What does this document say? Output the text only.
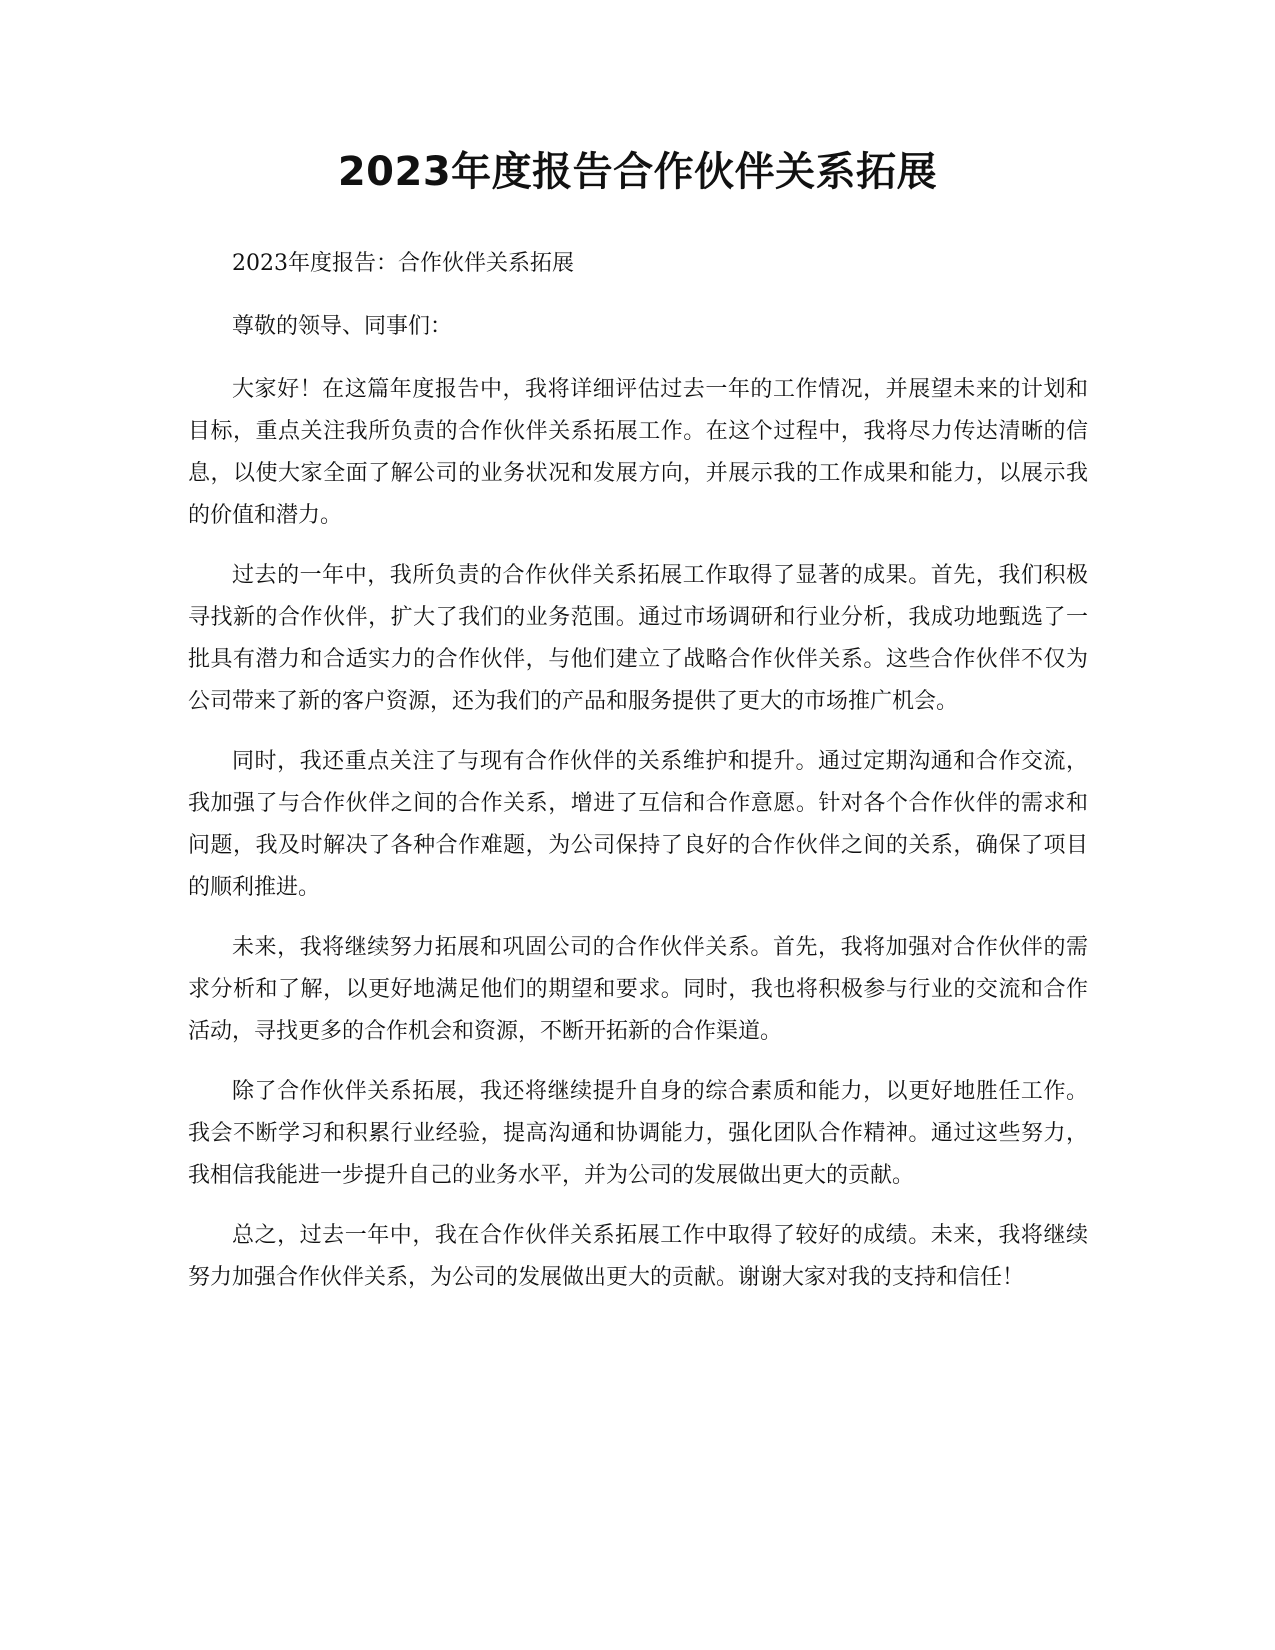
2023年度报告合作伙伴关系拓展

2023年度报告：合作伙伴关系拓展

尊敬的领导、同事们：

大家好！在这篇年度报告中，我将详细评估过去一年的工作情况，并展望未来的计划和目标，重点关注我所负责的合作伙伴关系拓展工作。在这个过程中，我将尽力传达清晰的信息，以使大家全面了解公司的业务状况和发展方向，并展示我的工作成果和能力，以展示我的价值和潜力。

过去的一年中，我所负责的合作伙伴关系拓展工作取得了显著的成果。首先，我们积极寻找新的合作伙伴，扩大了我们的业务范围。通过市场调研和行业分析，我成功地甄选了一批具有潜力和合适实力的合作伙伴，与他们建立了战略合作伙伴关系。这些合作伙伴不仅为公司带来了新的客户资源，还为我们的产品和服务提供了更大的市场推广机会。

同时，我还重点关注了与现有合作伙伴的关系维护和提升。通过定期沟通和合作交流，我加强了与合作伙伴之间的合作关系，增进了互信和合作意愿。针对各个合作伙伴的需求和问题，我及时解决了各种合作难题，为公司保持了良好的合作伙伴之间的关系，确保了项目的顺利推进。

未来，我将继续努力拓展和巩固公司的合作伙伴关系。首先，我将加强对合作伙伴的需求分析和了解，以更好地满足他们的期望和要求。同时，我也将积极参与行业的交流和合作活动，寻找更多的合作机会和资源，不断开拓新的合作渠道。

除了合作伙伴关系拓展，我还将继续提升自身的综合素质和能力，以更好地胜任工作。我会不断学习和积累行业经验，提高沟通和协调能力，强化团队合作精神。通过这些努力，我相信我能进一步提升自己的业务水平，并为公司的发展做出更大的贡献。

总之，过去一年中，我在合作伙伴关系拓展工作中取得了较好的成绩。未来，我将继续努力加强合作伙伴关系，为公司的发展做出更大的贡献。谢谢大家对我的支持和信任！
